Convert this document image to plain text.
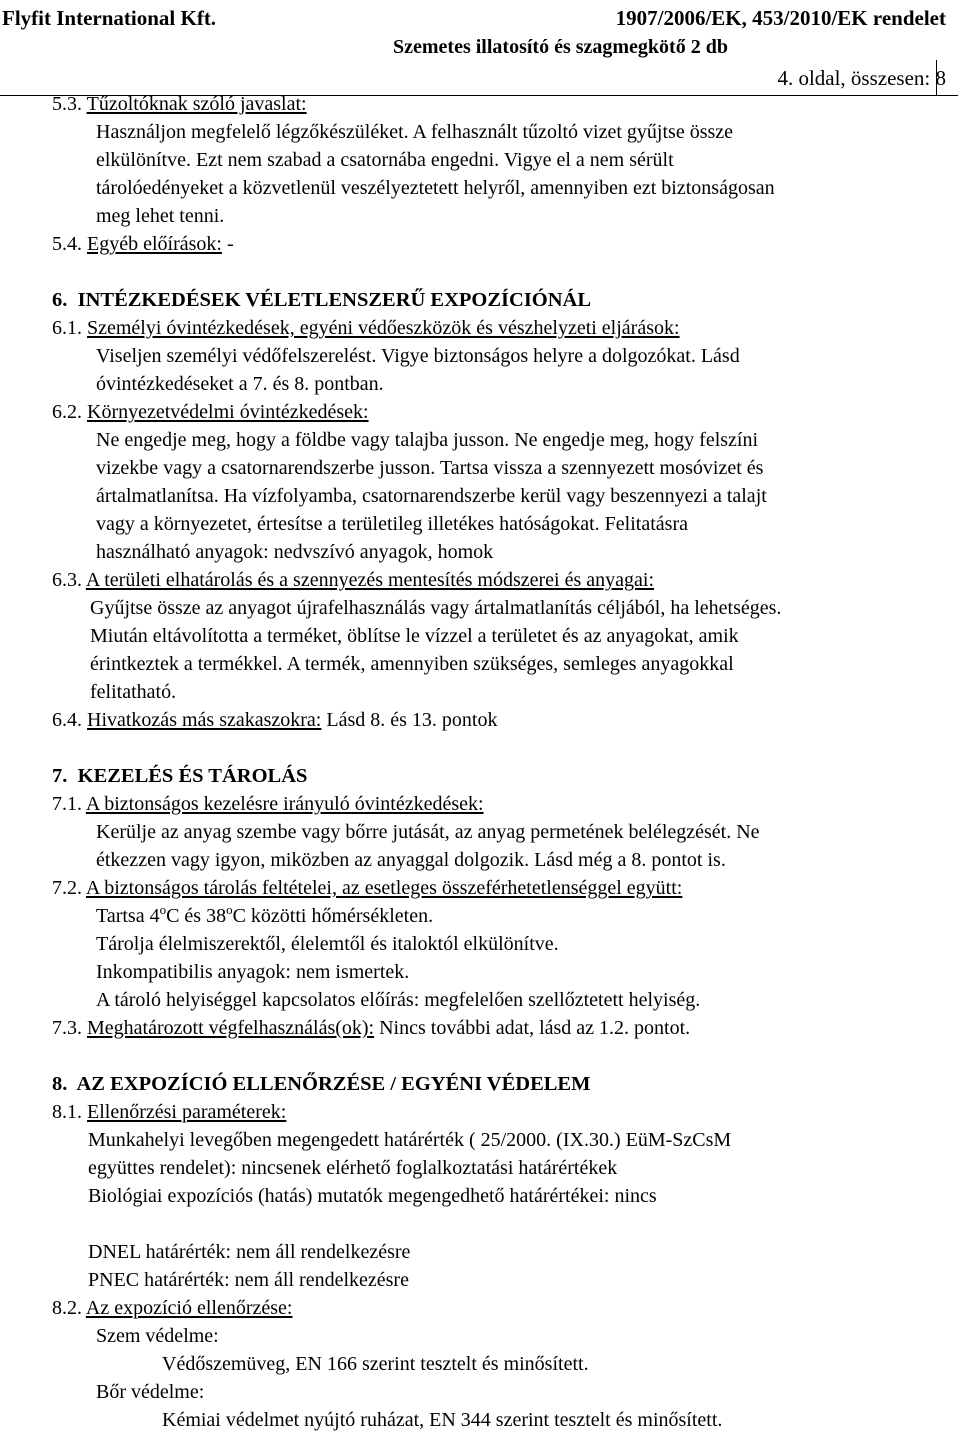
Flyfit International Kft.	1907/2006/EK, 453/2010/EK rendelet
Szemetes illatosító és szagmegkötő 2 db
4. oldal, összesen: 8
5.3. Tűzoltóknak szóló javaslat:
Használjon megfelelő légzőkészüléket. A felhasznált tűzoltó vizet gyűjtse össze
elkülönítve. Ezt nem szabad a csatornába engedni. Vigye el a nem sérült
tárolóedényeket a közvetlenül veszélyeztetett helyről, amennyiben ezt biztonságosan
meg lehet tenni.
5.4. Egyéb előírások: -
6. INTÉZKEDÉSEK VÉLETLENSZERŰ EXPOZÍCIÓNÁL
6.1. Személyi óvintézkedések, egyéni védőeszközök és vészhelyzeti eljárások:
Viseljen személyi védőfelszerelést. Vigye biztonságos helyre a dolgozókat. Lásd
óvintézkedéseket a 7. és 8. pontban.
6.2. Környezetvédelmi óvintézkedések:
Ne engedje meg, hogy a földbe vagy talajba jusson. Ne engedje meg, hogy felszíni
vizekbe vagy a csatornarendszerbe jusson. Tartsa vissza a szennyezett mosóvizet és
ártalmatlanítsa. Ha vízfolyamba, csatornarendszerbe kerül vagy beszennyezi a talajt
vagy a környezetet, értesítse a területileg illetékes hatóságokat. Felitatásra
használható anyagok: nedvszívó anyagok, homok
6.3. A területi elhatárolás és a szennyezés mentesítés módszerei és anyagai:
Gyűjtse össze az anyagot újrafelhasználás vagy ártalmatlanítás céljából, ha lehetséges.
Miután eltávolította a terméket, öblítse le vízzel a területet és az anyagokat, amik
érintkeztek a termékkel. A termék, amennyiben szükséges, semleges anyagokkal
felitatható.
6.4. Hivatkozás más szakaszokra: Lásd 8. és 13. pontok
7. KEZELÉS ÉS TÁROLÁS
7.1. A biztonságos kezelésre irányuló óvintézkedések:
Kerülje az anyag szembe vagy bőrre jutását, az anyag permetének belélegzését. Ne
étkezzen vagy igyon, miközben az anyaggal dolgozik. Lásd még a 8. pontot is.
7.2. A biztonságos tárolás feltételei, az esetleges összeférhetetlenséggel együtt:
Tartsa 4$^o$C és 38$^o$C közötti hőmérsékleten.
Tárolja élelmiszerektől, élelemtől és italoktól elkülönítve.
Inkompatibilis anyagok: nem ismertek.
A tároló helyiséggel kapcsolatos előírás: megfelelően szellőztetett helyiség.
7.3. Meghatározott végfelhasználás(ok): Nincs további adat, lásd az 1.2. pontot.
8. AZ EXPOZÍCIÓ ELLENŐRZÉSE / EGYÉNI VÉDELEM
8.1. Ellenőrzési paraméterek:
Munkahelyi levegőben megengedett határérték ( 25/2000. (IX.30.) EüM-SzCsM
együttes rendelet): nincsenek elérhető foglalkoztatási határértékek
Biológiai expozíciós (hatás) mutatók megengedhető határértékei: nincs
DNEL határérték: nem áll rendelkezésre
PNEC határérték: nem áll rendelkezésre
8.2. Az expozíció ellenőrzése:
Szem védelme:
Védőszemüveg, EN 166 szerint tesztelt és minősített.
Bőr védelme:
Kémiai védelmet nyújtó ruházat, EN 344 szerint tesztelt és minősített.
